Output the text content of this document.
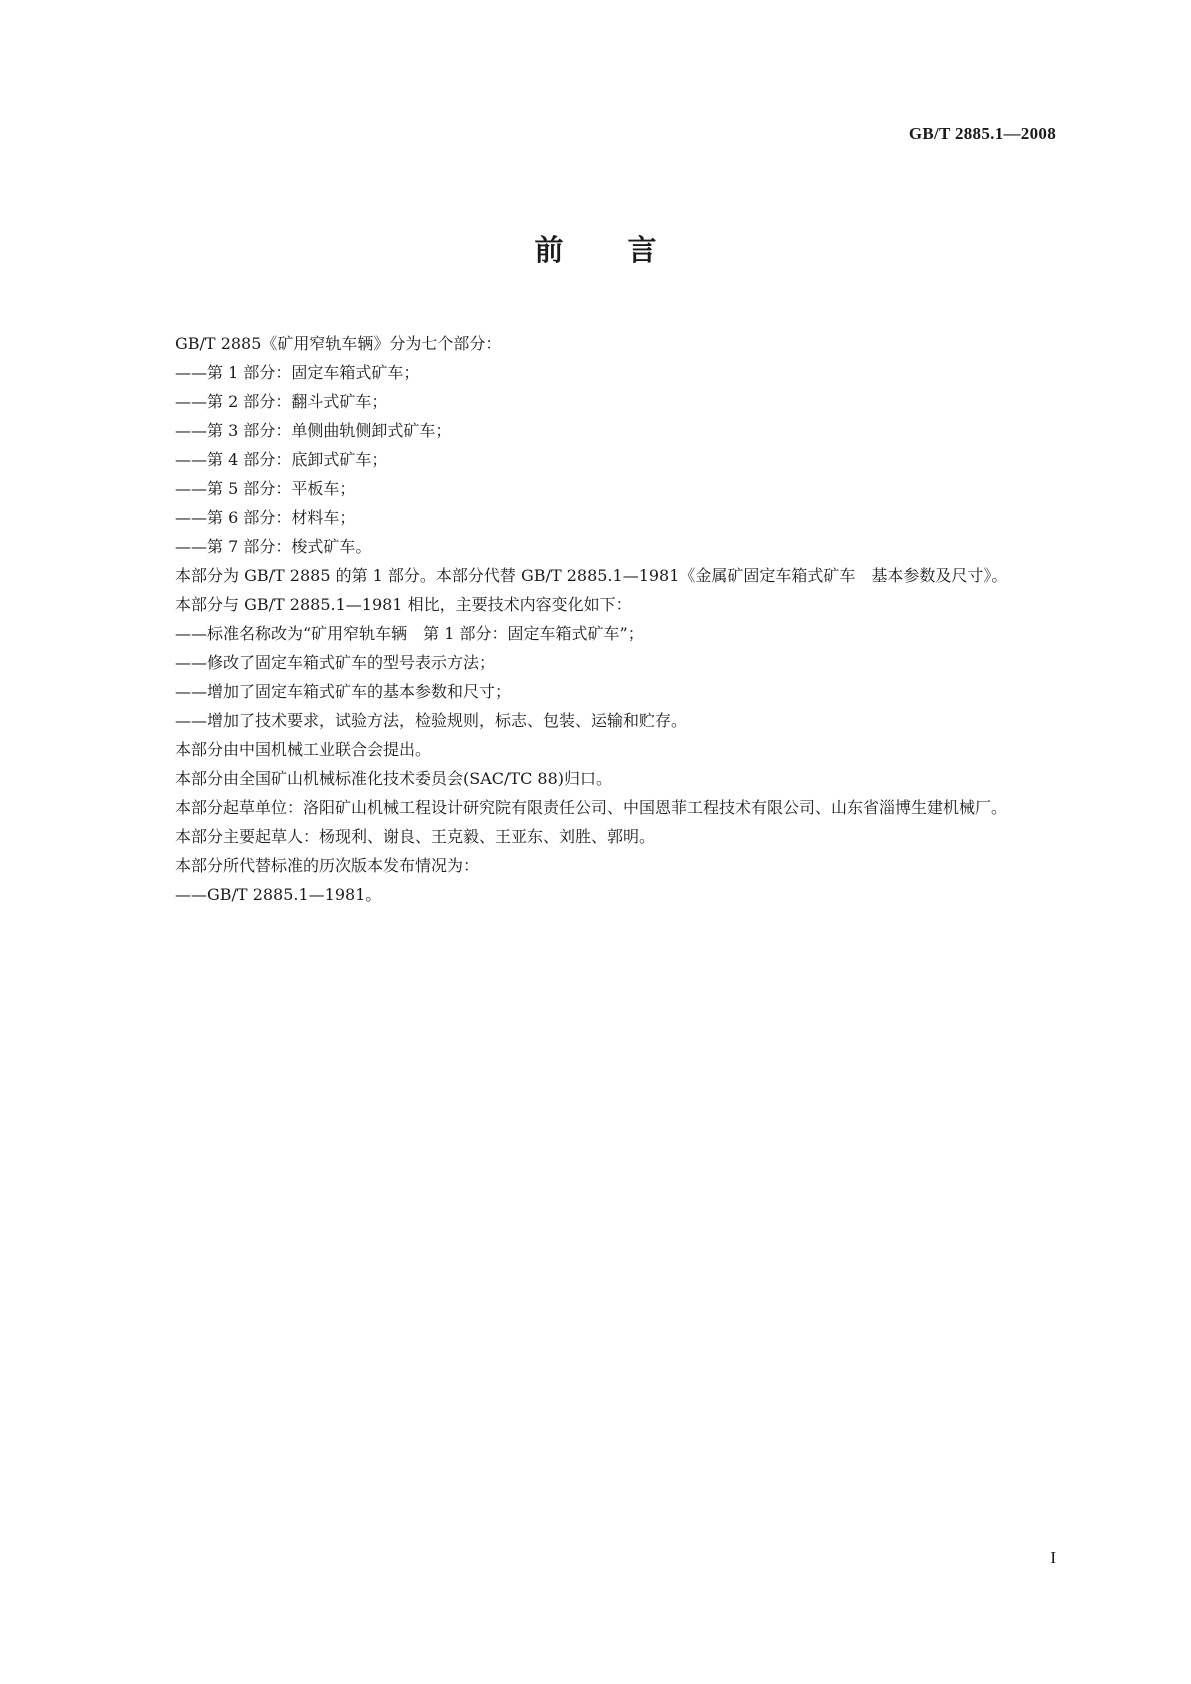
GB/T 2885.1—2008
前言

GB/T 2885《矿用窄轨车辆》分为七个部分：

——第 1 部分：固定车箱式矿车；

——第 2 部分：翻斗式矿车；

——第 3 部分：单侧曲轨侧卸式矿车；

——第 4 部分：底卸式矿车；

——第 5 部分：平板车；

——第 6 部分：材料车；

——第 7 部分：梭式矿车。

本部分为 GB/T 2885 的第 1 部分。本部分代替 GB/T 2885.1—1981《金属矿固定车箱式矿车　基本参数及尺寸》。

本部分与 GB/T 2885.1—1981 相比，主要技术内容变化如下：

——标准名称改为“矿用窄轨车辆　第 1 部分：固定车箱式矿车”；

——修改了固定车箱式矿车的型号表示方法；

——增加了固定车箱式矿车的基本参数和尺寸；

——增加了技术要求，试验方法，检验规则，标志、包装、运输和贮存。

本部分由中国机械工业联合会提出。

本部分由全国矿山机械标准化技术委员会(SAC/TC 88)归口。

本部分起草单位：洛阳矿山机械工程设计研究院有限责任公司、中国恩菲工程技术有限公司、山东省淄博生建机械厂。

本部分主要起草人：杨现利、谢良、王克毅、王亚东、刘胜、郭明。

本部分所代替标准的历次版本发布情况为：

——GB/T 2885.1—1981。

I
